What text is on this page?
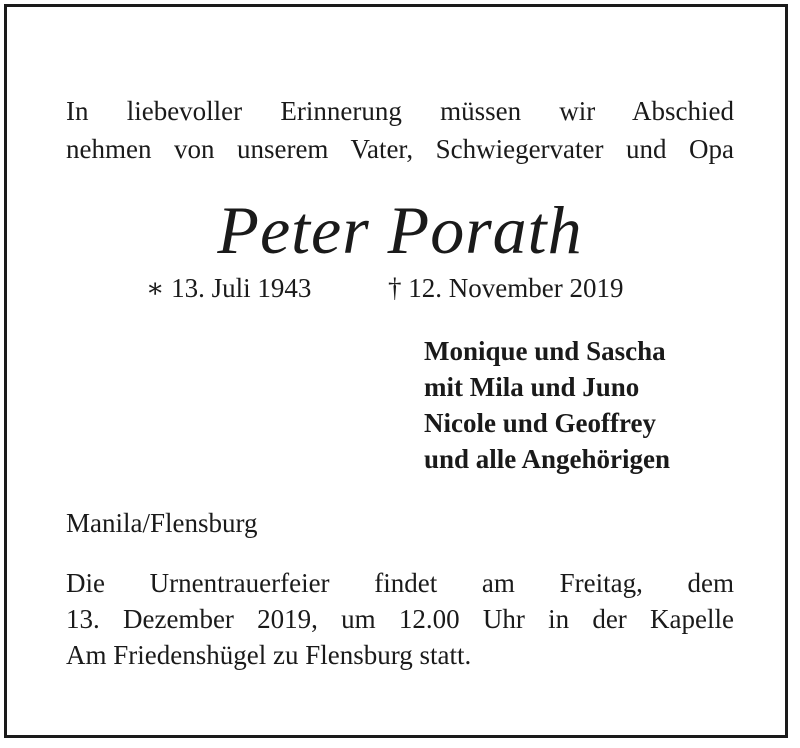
In liebevoller Erinnerung müssen wir Abschied
nehmen von unserem Vater, Schwiegervater und Opa
Peter Porath
∗ 13. Juli 1943	† 12. November 2019
Monique und Sascha
mit Mila und Juno
Nicole und Geoffrey
und alle Angehörigen
Manila/Flensburg
Die Urnentrauerfeier findet am Freitag, dem
13. Dezember 2019, um 12.00 Uhr in der Kapelle
Am Friedenshügel zu Flensburg statt.
